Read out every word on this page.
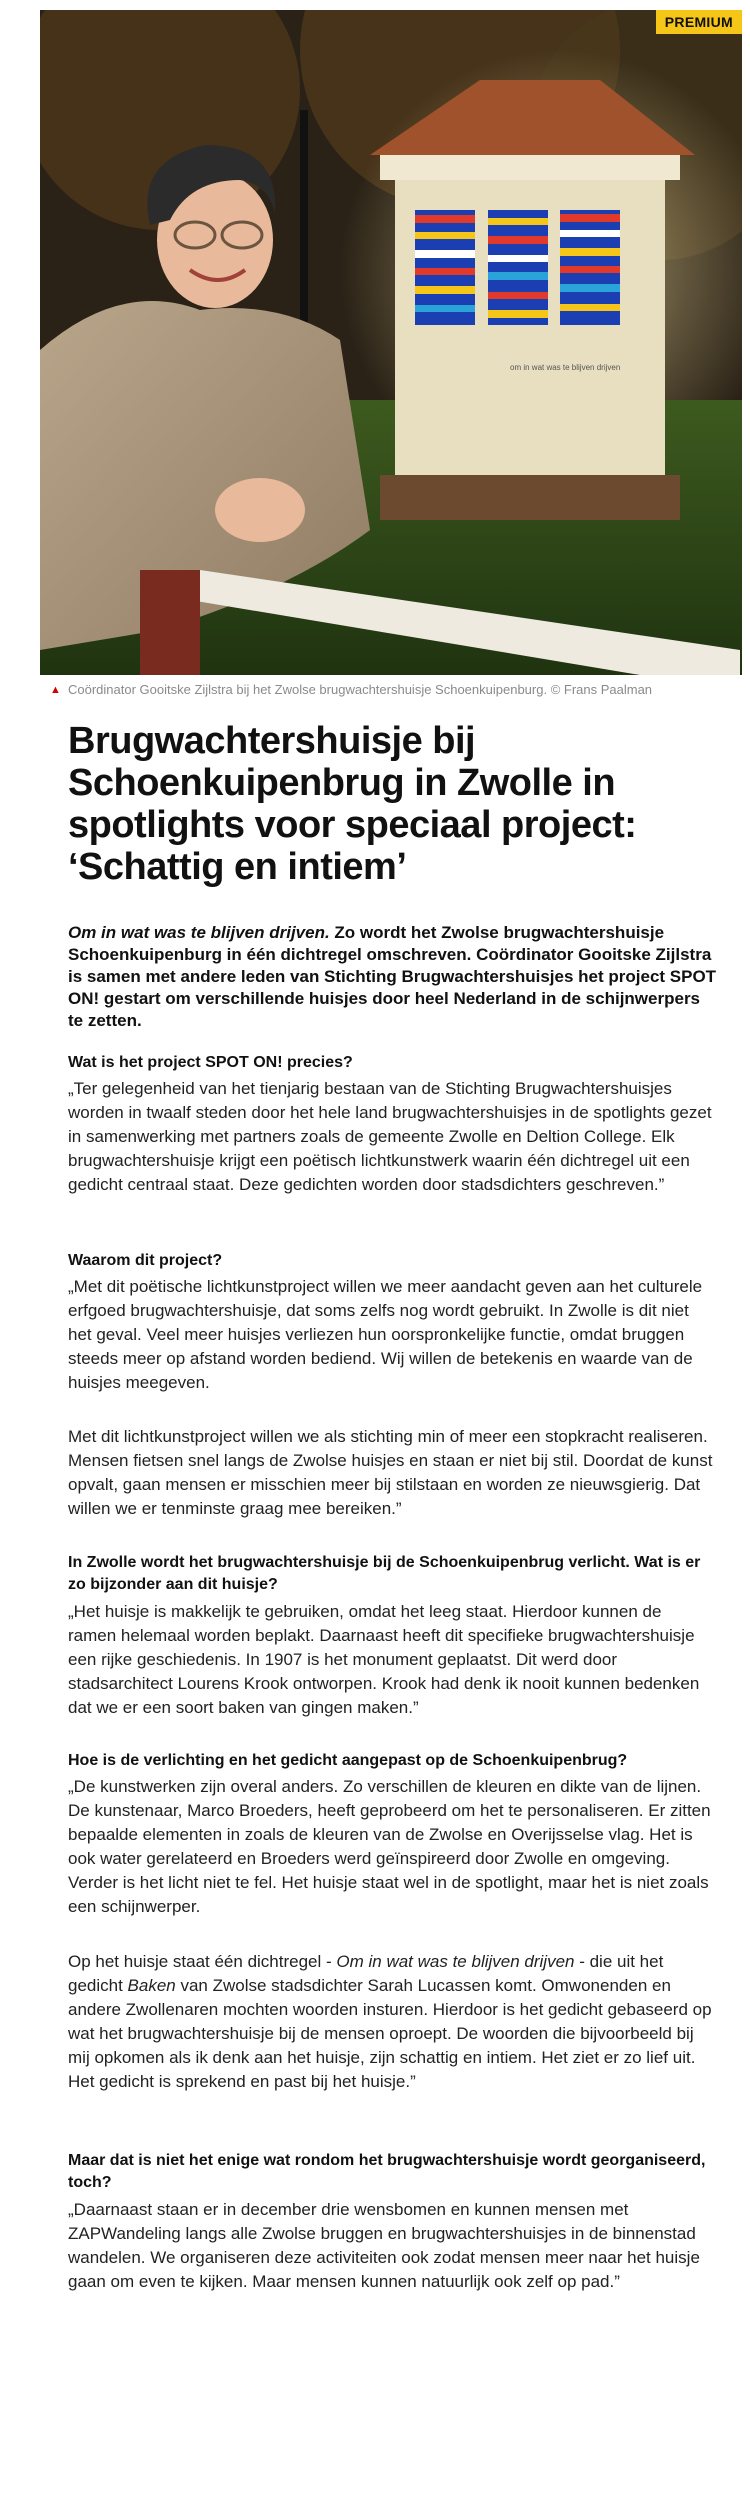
om in wat was te blijven drijven
PREMIUM
▲ Coördinator Gooitske Zijlstra bij het Zwolse brugwachtershuisje Schoenkuipenburg. © Frans Paalman
Brugwachtershuisje bij Schoenkuipenbrug in Zwolle in spotlights voor speciaal project: ‘Schattig en intiem’

Om in wat was te blijven drijven. Zo wordt het Zwolse brugwachtershuisje Schoenkuipenburg in één dichtregel omschreven. Coördinator Gooitske Zijlstra is samen met andere leden van Stichting Brugwachtershuisjes het project SPOT ON! gestart om verschillende huisjes door heel Nederland in de schijnwerpers te zetten.

Wat is het project SPOT ON! precies?

„Ter gelegenheid van het tienjarig bestaan van de Stichting Brugwachtershuisjes worden in twaalf steden door het hele land brugwachtershuisjes in de spotlights gezet in samenwerking met partners zoals de gemeente Zwolle en Deltion College. Elk brugwachtershuisje krijgt een poëtisch lichtkunstwerk waarin één dichtregel uit een gedicht centraal staat. Deze gedichten worden door stadsdichters geschreven.”

Waarom dit project?

„Met dit poëtische lichtkunstproject willen we meer aandacht geven aan het culturele erfgoed brugwachtershuisje, dat soms zelfs nog wordt gebruikt. In Zwolle is dit niet het geval. Veel meer huisjes verliezen hun oorspronkelijke functie, omdat bruggen steeds meer op afstand worden bediend. Wij willen de betekenis en waarde van de huisjes meegeven.

Met dit lichtkunstproject willen we als stichting min of meer een stopkracht realiseren. Mensen fietsen snel langs de Zwolse huisjes en staan er niet bij stil. Doordat de kunst opvalt, gaan mensen er misschien meer bij stilstaan en worden ze nieuwsgierig. Dat willen we er tenminste graag mee bereiken.”

In Zwolle wordt het brugwachtershuisje bij de Schoenkuipenbrug verlicht. Wat is er zo bijzonder aan dit huisje?

„Het huisje is makkelijk te gebruiken, omdat het leeg staat. Hierdoor kunnen de ramen helemaal worden beplakt. Daarnaast heeft dit specifieke brugwachtershuisje een rijke geschiedenis. In 1907 is het monument geplaatst. Dit werd door stadsarchitect Lourens Krook ontworpen. Krook had denk ik nooit kunnen bedenken dat we er een soort baken van gingen maken.”

Hoe is de verlichting en het gedicht aangepast op de Schoenkuipenbrug?

„De kunstwerken zijn overal anders. Zo verschillen de kleuren en dikte van de lijnen. De kunstenaar, Marco Broeders, heeft geprobeerd om het te personaliseren. Er zitten bepaalde elementen in zoals de kleuren van de Zwolse en Overijsselse vlag. Het is ook water gerelateerd en Broeders werd geïnspireerd door Zwolle en omgeving. Verder is het licht niet te fel. Het huisje staat wel in de spotlight, maar het is niet zoals een schijnwerper.

Op het huisje staat één dichtregel - Om in wat was te blijven drijven - die uit het gedicht Baken van Zwolse stadsdichter Sarah Lucassen komt. Omwonenden en andere Zwollenaren mochten woorden insturen. Hierdoor is het gedicht gebaseerd op wat het brugwachtershuisje bij de mensen oproept. De woorden die bijvoorbeeld bij mij opkomen als ik denk aan het huisje, zijn schattig en intiem. Het ziet er zo lief uit. Het gedicht is sprekend en past bij het huisje.”

Maar dat is niet het enige wat rondom het brugwachtershuisje wordt georganiseerd, toch?

„Daarnaast staan er in december drie wensbomen en kunnen mensen met ZAPWandeling langs alle Zwolse bruggen en brugwachtershuisjes in de binnenstad wandelen. We organiseren deze activiteiten ook zodat mensen meer naar het huisje gaan om even te kijken. Maar mensen kunnen natuurlijk ook zelf op pad.”
